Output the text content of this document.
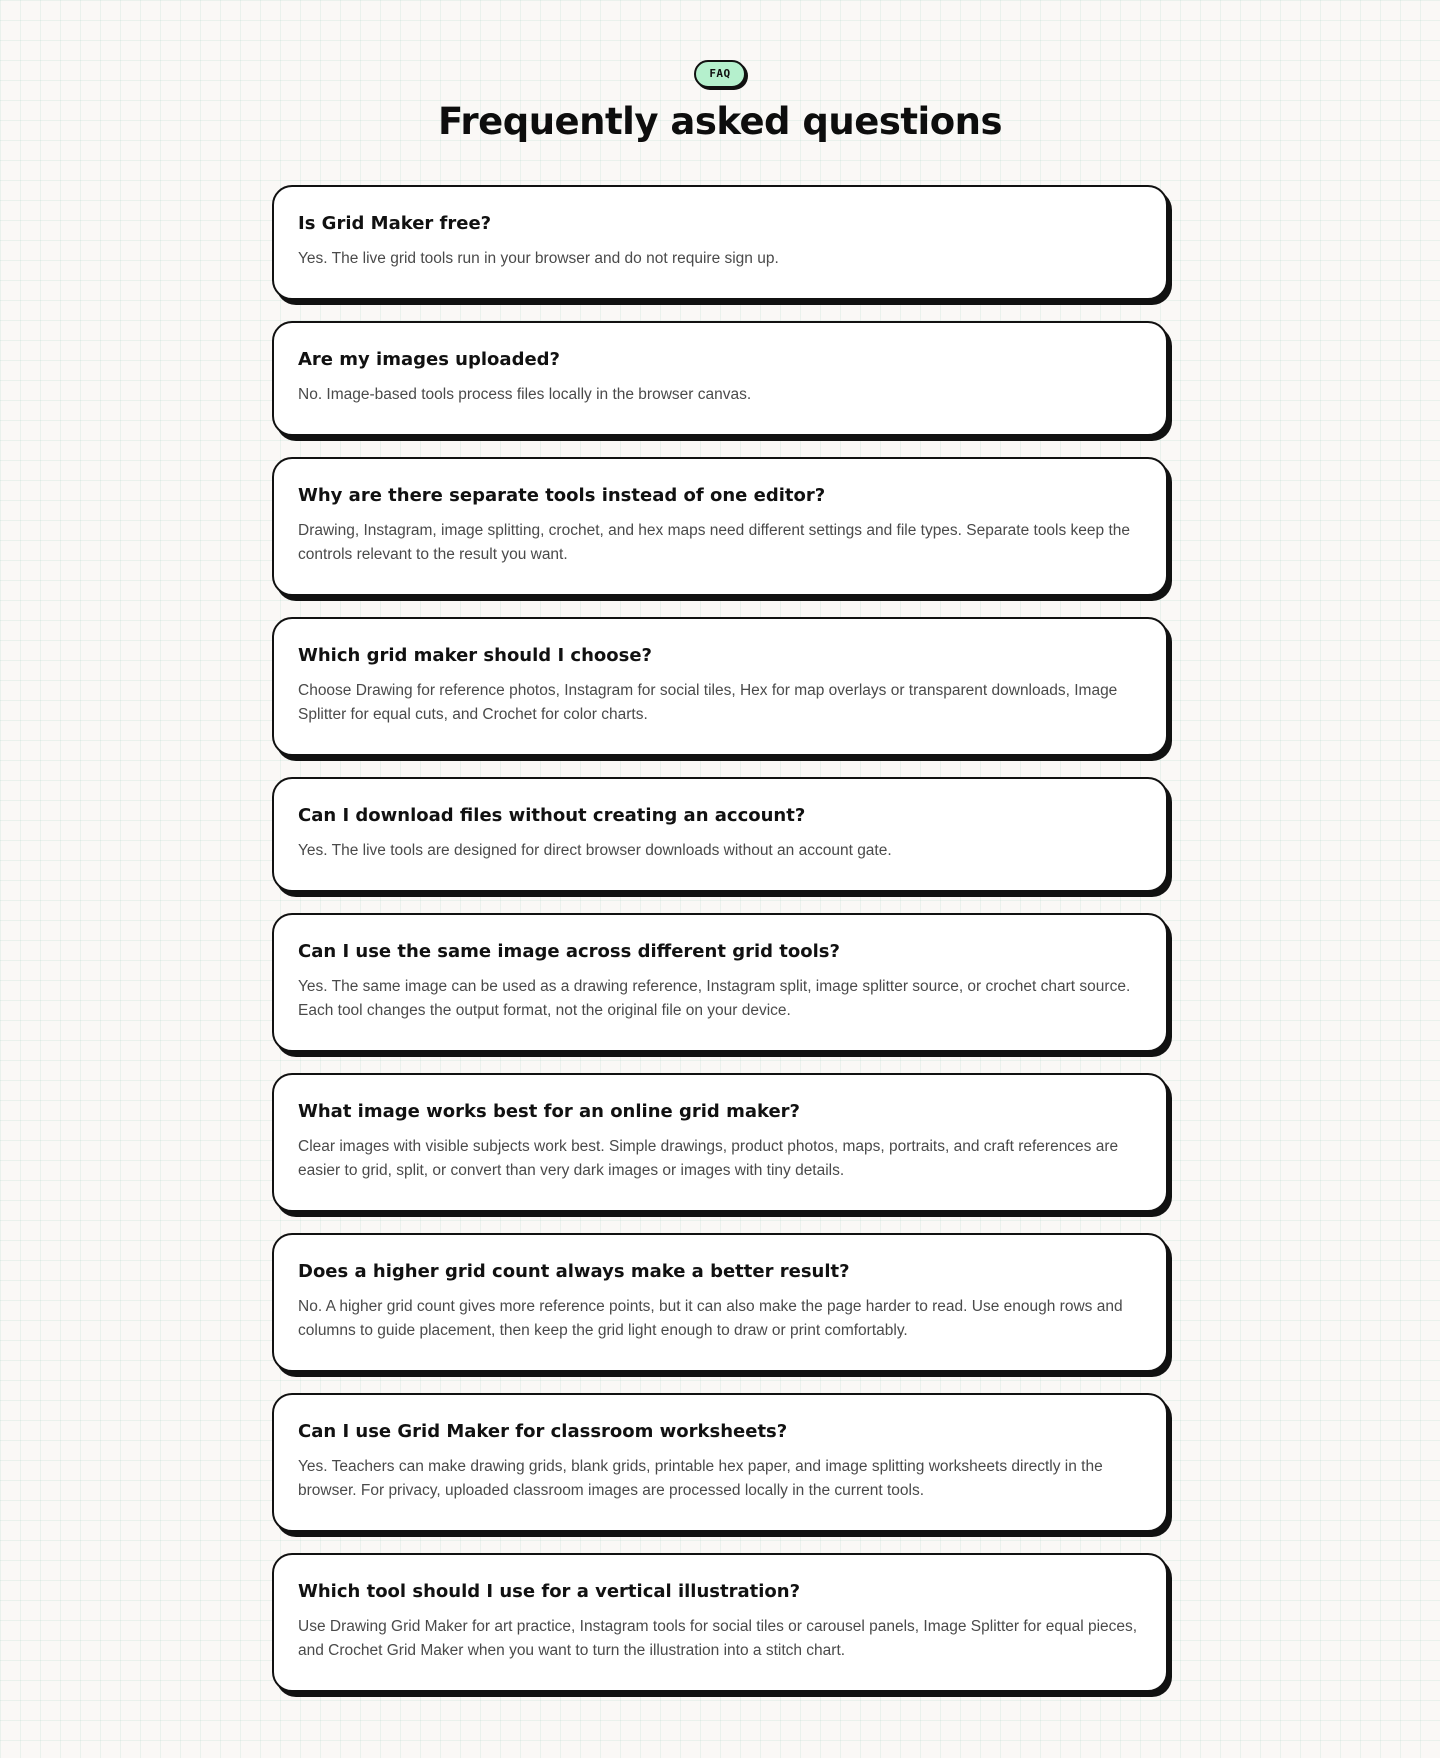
FAQ
Frequently asked questions
Is Grid Maker free?

Yes. The live grid tools run in your browser and do not require sign up.

Are my images uploaded?

No. Image-based tools process files locally in the browser canvas.

Why are there separate tools instead of one editor?

Drawing, Instagram, image splitting, crochet, and hex maps need different settings and file types. Separate tools keep the controls relevant to the result you want.

Which grid maker should I choose?

Choose Drawing for reference photos, Instagram for social tiles, Hex for map overlays or transparent downloads, Image Splitter for equal cuts, and Crochet for color charts.

Can I download files without creating an account?

Yes. The live tools are designed for direct browser downloads without an account gate.

Can I use the same image across different grid tools?

Yes. The same image can be used as a drawing reference, Instagram split, image splitter source, or crochet chart source. Each tool changes the output format, not the original file on your device.

What image works best for an online grid maker?

Clear images with visible subjects work best. Simple drawings, product photos, maps, portraits, and craft references are easier to grid, split, or convert than very dark images or images with tiny details.

Does a higher grid count always make a better result?

No. A higher grid count gives more reference points, but it can also make the page harder to read. Use enough rows and columns to guide placement, then keep the grid light enough to draw or print comfortably.

Can I use Grid Maker for classroom worksheets?

Yes. Teachers can make drawing grids, blank grids, printable hex paper, and image splitting worksheets directly in the browser. For privacy, uploaded classroom images are processed locally in the current tools.

Which tool should I use for a vertical illustration?

Use Drawing Grid Maker for art practice, Instagram tools for social tiles or carousel panels, Image Splitter for equal pieces, and Crochet Grid Maker when you want to turn the illustration into a stitch chart.
